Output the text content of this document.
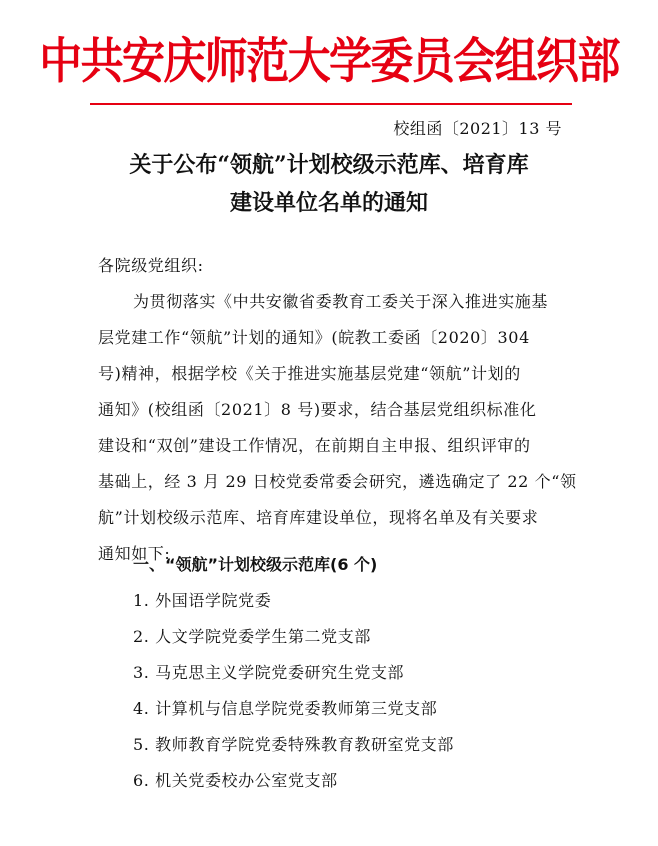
中共安庆师范大学委员会组织部
校组函〔2021〕13 号
关于公布“领航”计划校级示范库、培育库
建设单位名单的通知
各院级党组织:
为贯彻落实《中共安徽省委教育工委关于深入推进实施基
层党建工作“领航”计划的通知》(皖教工委函〔2020〕304
号)精神，根据学校《关于推进实施基层党建“领航”计划的
通知》(校组函〔2021〕8 号)要求，结合基层党组织标准化
建设和“双创”建设工作情况，在前期自主申报、组织评审的
基础上，经 3 月 29 日校党委常委会研究，遴选确定了 22 个“领
航”计划校级示范库、培育库建设单位，现将名单及有关要求
通知如下:
一、“领航”计划校级示范库(6 个)
1. 外国语学院党委
2. 人文学院党委学生第二党支部
3. 马克思主义学院党委研究生党支部
4. 计算机与信息学院党委教师第三党支部
5. 教师教育学院党委特殊教育教研室党支部
6. 机关党委校办公室党支部
